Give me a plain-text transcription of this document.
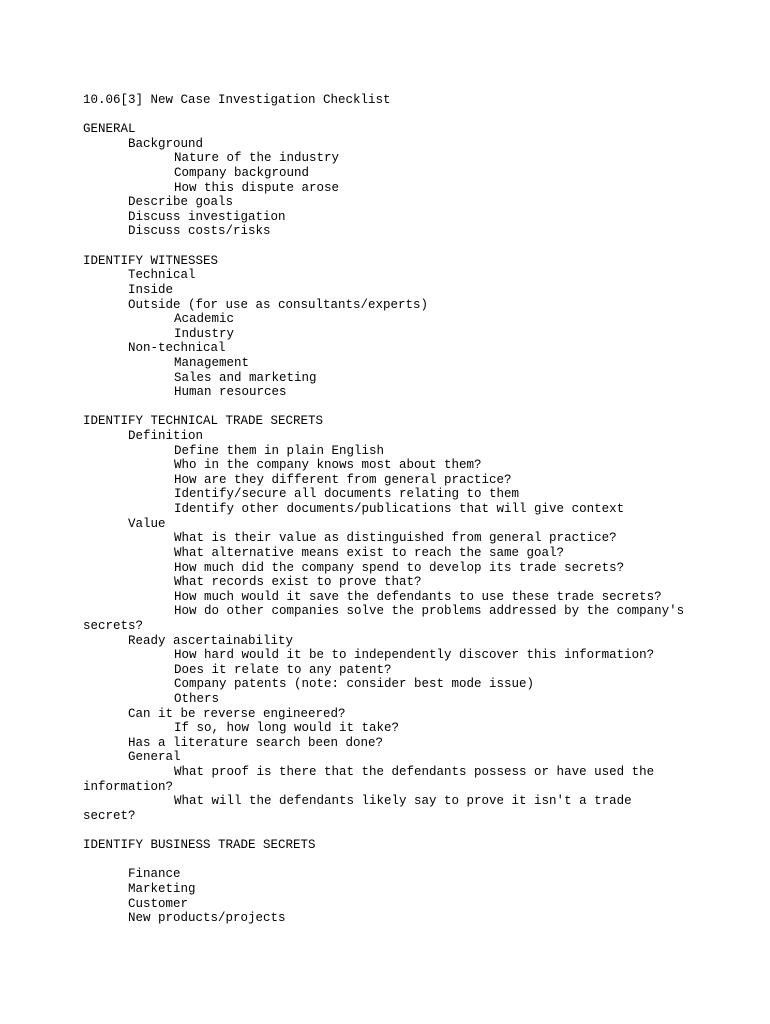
10.06[3] New Case Investigation Checklist
GENERAL
Background
Nature of the industry
Company background
How this dispute arose
Describe goals
Discuss investigation
Discuss costs/risks
IDENTIFY WITNESSES
Technical
Inside
Outside (for use as consultants/experts)
Academic
Industry
Non-technical
Management
Sales and marketing
Human resources
IDENTIFY TECHNICAL TRADE SECRETS
Definition
Define them in plain English
Who in the company knows most about them?
How are they different from general practice?
Identify/secure all documents relating to them
Identify other documents/publications that will give context
Value
What is their value as distinguished from general practice?
What alternative means exist to reach the same goal?
How much did the company spend to develop its trade secrets?
What records exist to prove that?
How much would it save the defendants to use these trade secrets?
How do other companies solve the problems addressed by the company's
secrets?
Ready ascertainability
How hard would it be to independently discover this information?
Does it relate to any patent?
Company patents (note: consider best mode issue)
Others
Can it be reverse engineered?
If so, how long would it take?
Has a literature search been done?
General
What proof is there that the defendants possess or have used the
information?
What will the defendants likely say to prove it isn't a trade
secret?
IDENTIFY BUSINESS TRADE SECRETS
Finance
Marketing
Customer
New products/projects
